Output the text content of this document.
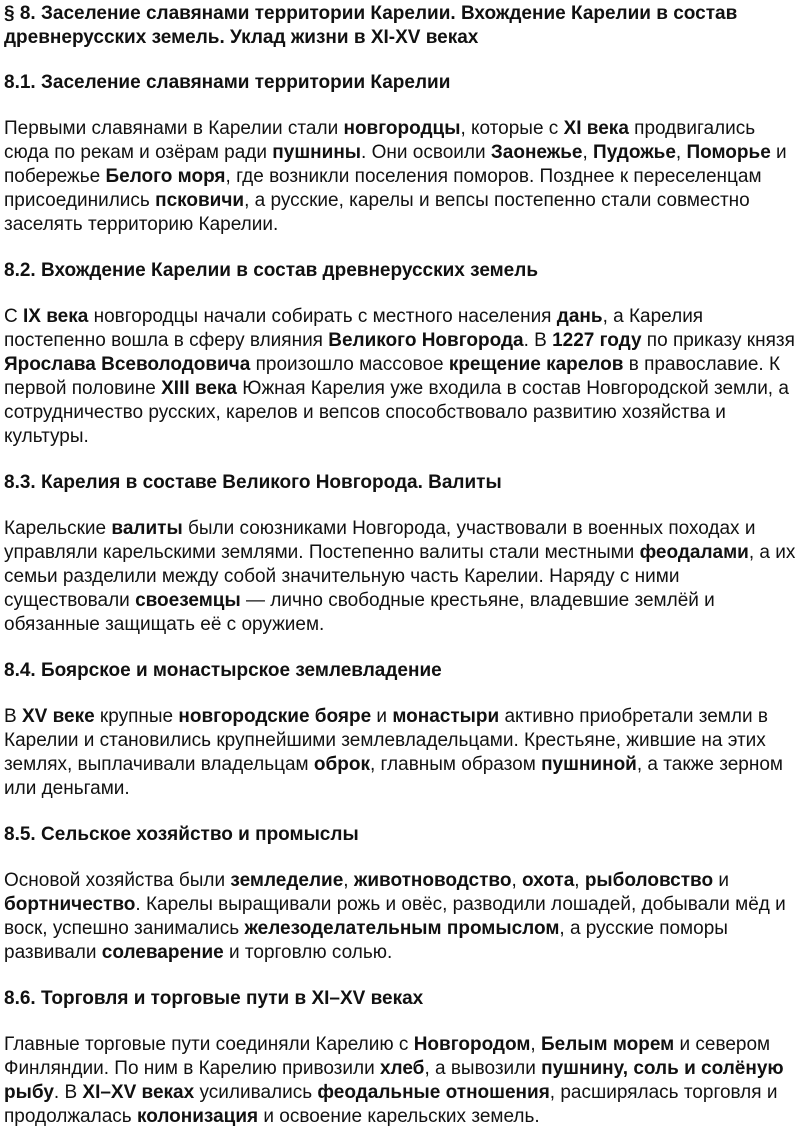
§ 8. Заселение славянами территории Карелии. Вхождение Карелии в состав древнерусских земель. Уклад жизни в XI-XV веках
8.1. Заселение славянами территории Карелии

Первыми славянами в Карелии стали новгородцы, которые с XI века продвигались сюда по рекам и озёрам ради пушнины. Они освоили Заонежье, Пудожье, Поморье и побережье Белого моря, где возникли поселения поморов. Позднее к переселенцам присоединились псковичи, а русские, карелы и вепсы постепенно стали совместно заселять территорию Карелии.

8.2. Вхождение Карелии в состав древнерусских земель

С IX века новгородцы начали собирать с местного населения дань, а Карелия постепенно вошла в сферу влияния Великого Новгорода. В 1227 году по приказу князя Ярослава Всеволодовича произошло массовое крещение карелов в православие. К первой половине XIII века Южная Карелия уже входила в состав Новгородской земли, а сотрудничество русских, карелов и вепсов способствовало развитию хозяйства и культуры.

8.3. Карелия в составе Великого Новгорода. Валиты

Карельские валиты были союзниками Новгорода, участвовали в военных походах и управляли карельскими землями. Постепенно валиты стали местными феодалами, а их семьи разделили между собой значительную часть Карелии. Наряду с ними существовали своеземцы — лично свободные крестьяне, владевшие землёй и обязанные защищать её с оружием.

8.4. Боярское и монастырское землевладение

В XV веке крупные новгородские бояре и монастыри активно приобретали земли в Карелии и становились крупнейшими землевладельцами. Крестьяне, жившие на этих землях, выплачивали владельцам оброк, главным образом пушниной, а также зерном или деньгами.

8.5. Сельское хозяйство и промыслы

Основой хозяйства были земледелие, животноводство, охота, рыболовство и бортничество. Карелы выращивали рожь и овёс, разводили лошадей, добывали мёд и воск, успешно занимались железоделательным промыслом, а русские поморы развивали солеварение и торговлю солью.

8.6. Торговля и торговые пути в XI–XV веках

Главные торговые пути соединяли Карелию с Новгородом, Белым морем и севером Финляндии. По ним в Карелию привозили хлеб, а вывозили пушнину, соль и солёную рыбу. В XI–XV веках усиливались феодальные отношения, расширялась торговля и продолжалась колонизация и освоение карельских земель.
